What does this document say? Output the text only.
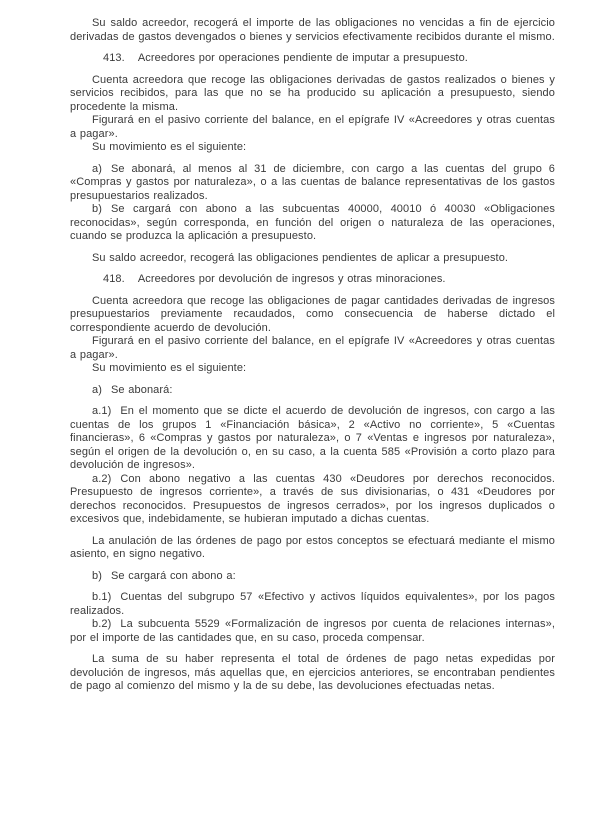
Su saldo acreedor, recogerá el importe de las obligaciones no vencidas a fin de ejercicio derivadas de gastos devengados o bienes y servicios efectivamente recibidos durante el mismo.

413. Acreedores por operaciones pendiente de imputar a presupuesto.

Cuenta acreedora que recoge las obligaciones derivadas de gastos realizados o bienes y servicios recibidos, para las que no se ha producido su aplicación a presupuesto, siendo procedente la misma.

Figurará en el pasivo corriente del balance, en el epígrafe IV «Acreedores y otras cuentas a pagar».

Su movimiento es el siguiente:

a) Se abonará, al menos al 31 de diciembre, con cargo a las cuentas del grupo 6 «Compras y gastos por naturaleza», o a las cuentas de balance representativas de los gastos presupuestarios realizados.

b) Se cargará con abono a las subcuentas 40000, 40010 ó 40030 «Obligaciones reconocidas», según corresponda, en función del origen o naturaleza de las operaciones, cuando se produzca la aplicación a presupuesto.

Su saldo acreedor, recogerá las obligaciones pendientes de aplicar a presupuesto.

418. Acreedores por devolución de ingresos y otras minoraciones.

Cuenta acreedora que recoge las obligaciones de pagar cantidades derivadas de ingresos presupuestarios previamente recaudados, como consecuencia de haberse dictado el correspondiente acuerdo de devolución.

Figurará en el pasivo corriente del balance, en el epígrafe IV «Acreedores y otras cuentas a pagar».

Su movimiento es el siguiente:

a) Se abonará:

a.1) En el momento que se dicte el acuerdo de devolución de ingresos, con cargo a las cuentas de los grupos 1 «Financiación básica», 2 «Activo no corriente», 5 «Cuentas financieras», 6 «Compras y gastos por naturaleza», o 7 «Ventas e ingresos por naturaleza», según el origen de la devolución o, en su caso, a la cuenta 585 «Provisión a corto plazo para devolución de ingresos».

a.2) Con abono negativo a las cuentas 430 «Deudores por derechos reconocidos. Presupuesto de ingresos corriente», a través de sus divisionarias, o 431 «Deudores por derechos reconocidos. Presupuestos de ingresos cerrados», por los ingresos duplicados o excesivos que, indebidamente, se hubieran imputado a dichas cuentas.

La anulación de las órdenes de pago por estos conceptos se efectuará mediante el mismo asiento, en signo negativo.

b) Se cargará con abono a:

b.1) Cuentas del subgrupo 57 «Efectivo y activos líquidos equivalentes», por los pagos realizados.

b.2) La subcuenta 5529 «Formalización de ingresos por cuenta de relaciones internas», por el importe de las cantidades que, en su caso, proceda compensar.

La suma de su haber representa el total de órdenes de pago netas expedidas por devolución de ingresos, más aquellas que, en ejercicios anteriores, se encontraban pendientes de pago al comienzo del mismo y la de su debe, las devoluciones efectuadas netas.
